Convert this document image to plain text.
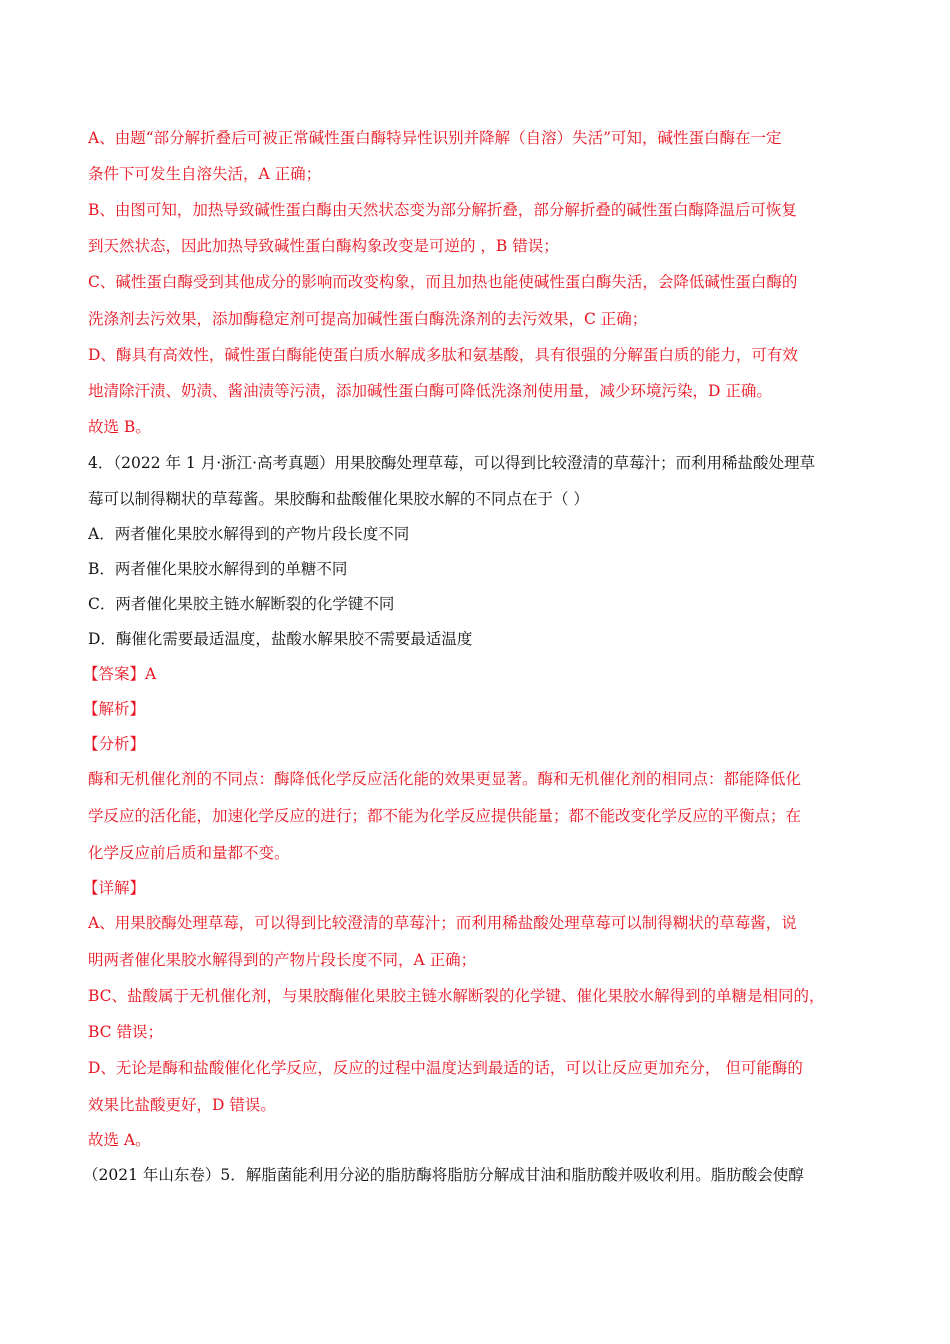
A、由题“部分解折叠后可被正常碱性蛋白酶特异性识别并降解（自溶）失活”可知，碱性蛋白酶在一定
条件下可发生自溶失活，A 正确；
B、由图可知，加热导致碱性蛋白酶由天然状态变为部分解折叠，部分解折叠的碱性蛋白酶降温后可恢复
到天然状态，因此加热导致碱性蛋白酶构象改变是可逆的 ，B 错误；
C、碱性蛋白酶受到其他成分的影响而改变构象，而且加热也能使碱性蛋白酶失活，会降低碱性蛋白酶的
洗涤剂去污效果，添加酶稳定剂可提高加碱性蛋白酶洗涤剂的去污效果，C 正确；
D、酶具有高效性，碱性蛋白酶能使蛋白质水解成多肽和氨基酸，具有很强的分解蛋白质的能力，可有效
地清除汗渍、奶渍、酱油渍等污渍，添加碱性蛋白酶可降低洗涤剂使用量，减少环境污染，D 正确。
故选 B。
4．（2022 年 1 月·浙江·高考真题）用果胶酶处理草莓，可以得到比较澄清的草莓汁；而利用稀盐酸处理草
莓可以制得糊状的草莓酱。果胶酶和盐酸催化果胶水解的不同点在于（ ）
A．两者催化果胶水解得到的产物片段长度不同
B．两者催化果胶水解得到的单糖不同
C．两者催化果胶主链水解断裂的化学键不同
D．酶催化需要最适温度，盐酸水解果胶不需要最适温度
【答案】A
【解析】
【分析】
酶和无机催化剂的不同点：酶降低化学反应活化能的效果更显著。酶和无机催化剂的相同点：都能降低化
学反应的活化能，加速化学反应的进行；都不能为化学反应提供能量；都不能改变化学反应的平衡点；在
化学反应前后质和量都不变。
【详解】
A、用果胶酶处理草莓，可以得到比较澄清的草莓汁；而利用稀盐酸处理草莓可以制得糊状的草莓酱，说
明两者催化果胶水解得到的产物片段长度不同，A 正确；
BC、盐酸属于无机催化剂，与果胶酶催化果胶主链水解断裂的化学键、催化果胶水解得到的单糖是相同的，
BC 错误；
D、无论是酶和盐酸催化化学反应，反应的过程中温度达到最适的话，可以让反应更加充分， 但可能酶的
效果比盐酸更好，D 错误。
故选 A。
（2021 年山东卷）5．解脂菌能利用分泌的脂肪酶将脂肪分解成甘油和脂肪酸并吸收利用。脂肪酸会使醇
